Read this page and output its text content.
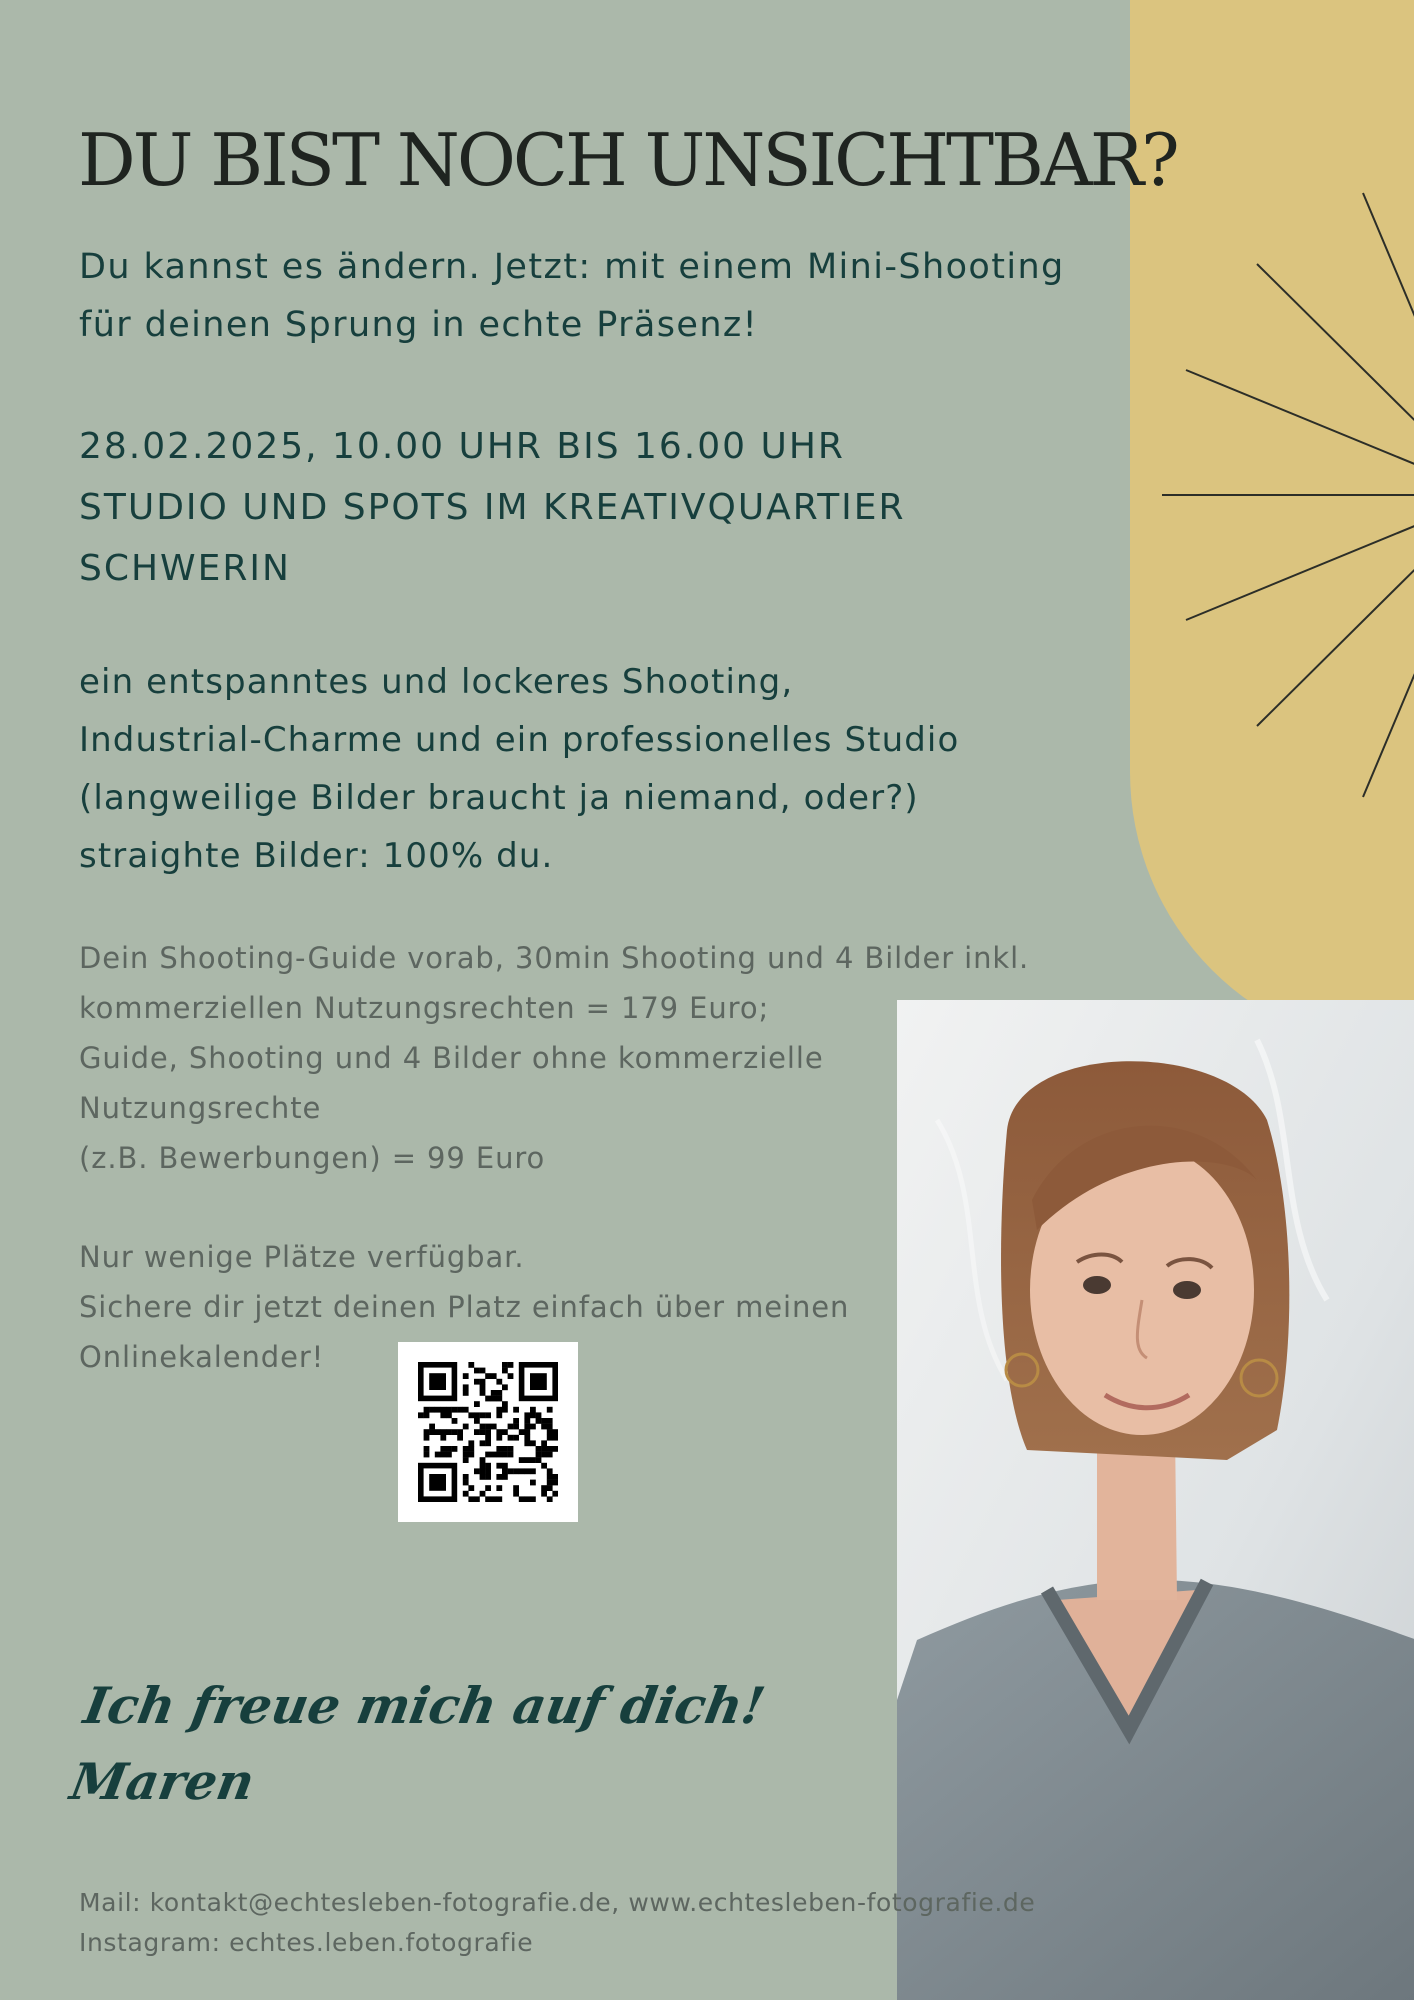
DU BIST NOCH UNSICHTBAR?

Du kannst es ändern. Jetzt: mit einem Mini-Shooting
für deinen Sprung in echte Präsenz!

28.02.2025, 10.00 UHR BIS 16.00 UHR
STUDIO UND SPOTS IM KREATIVQUARTIER
SCHWERIN

ein entspanntes und lockeres Shooting,
Industrial-Charme und ein professionelles Studio
(langweilige Bilder braucht ja niemand, oder?)
straighte Bilder: 100% du.

Dein Shooting-Guide vorab, 30min Shooting und 4 Bilder inkl.
kommerziellen Nutzungsrechten = 179 Euro;
Guide, Shooting und 4 Bilder ohne kommerzielle
Nutzungsrechte
(z.B. Bewerbungen) = 99 Euro

Nur wenige Plätze verfügbar.
Sichere dir jetzt deinen Platz einfach über meinen
Onlinekalender!

Ich freue mich auf dich!
Maren

Mail: kontakt@echtesleben-fotografie.de, www.echtesleben-fotografie.de
Instagram: echtes.leben.fotografie
